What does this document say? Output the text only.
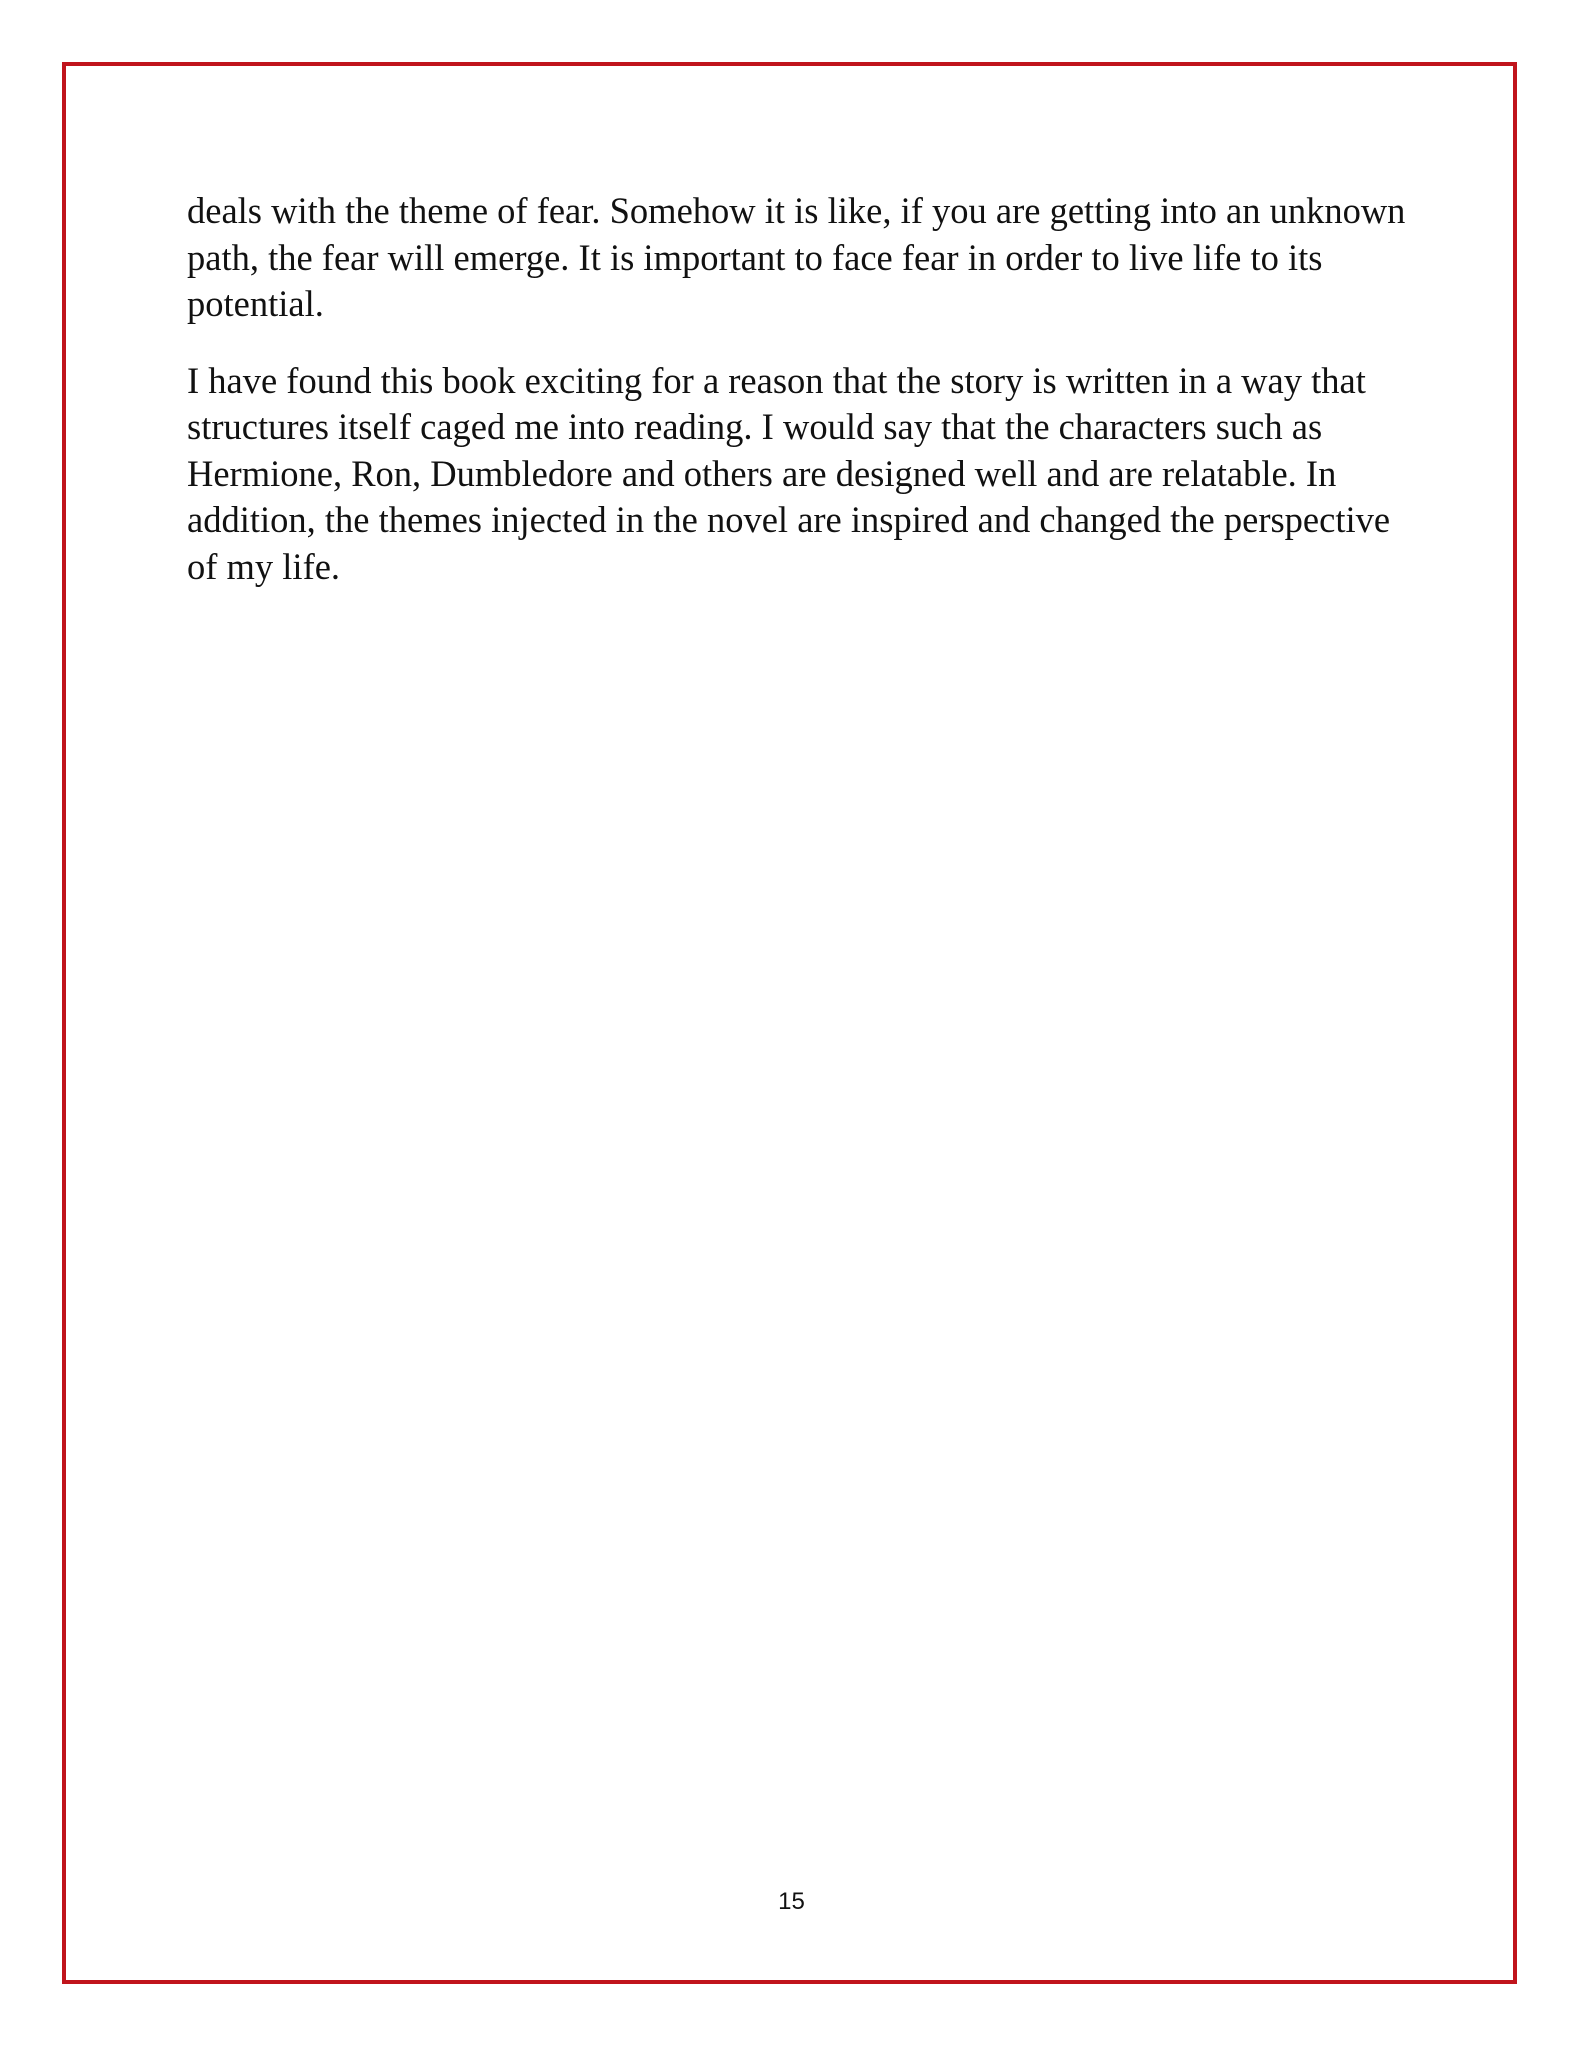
deals with the theme of fear. Somehow it is like, if you are getting into an unknown
path, the fear will emerge. It is important to face fear in order to live life to its
potential.

I have found this book exciting for a reason that the story is written in a way that
structures itself caged me into reading. I would say that the characters such as
Hermione, Ron, Dumbledore and others are designed well and are relatable. In
addition, the themes injected in the novel are inspired and changed the perspective
of my life.

15
